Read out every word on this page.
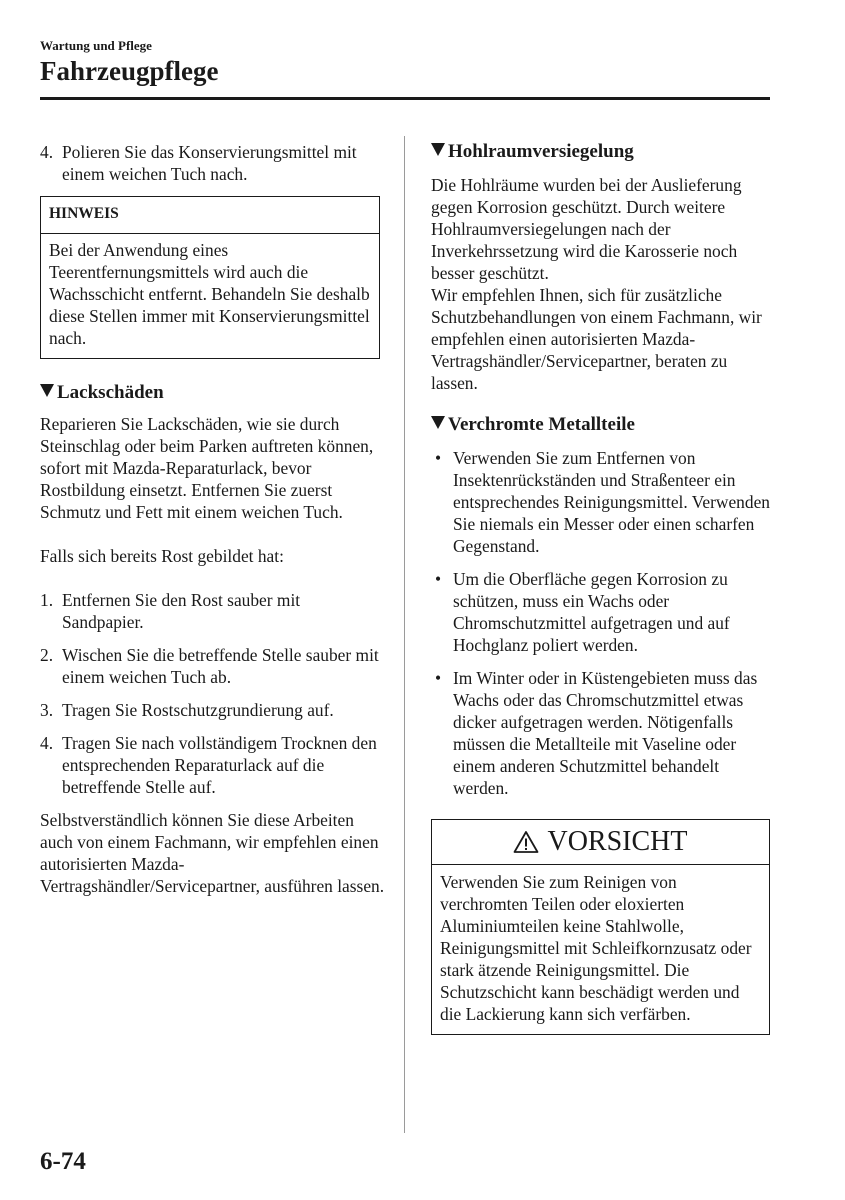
Wartung und Pflege
Fahrzeugpflege
4. Polieren Sie das Konservierungsmittel mit einem weichen Tuch nach.
HINWEIS
Bei der Anwendung eines Teerentfernungsmittels wird auch die Wachsschicht entfernt. Behandeln Sie deshalb diese Stellen immer mit Konservierungsmittel nach.
Lackschäden

Reparieren Sie Lackschäden, wie sie durch Steinschlag oder beim Parken auftreten können, sofort mit Mazda-Reparaturlack, bevor Rostbildung einsetzt. Entfernen Sie zuerst Schmutz und Fett mit einem weichen Tuch.

Falls sich bereits Rost gebildet hat:

1. Entfernen Sie den Rost sauber mit Sandpapier.
2. Wischen Sie die betreffende Stelle sauber mit einem weichen Tuch ab.
3. Tragen Sie Rostschutzgrundierung auf.
4. Tragen Sie nach vollständigem Trocknen den entsprechenden Reparaturlack auf die betreffende Stelle auf.

Selbstverständlich können Sie diese Arbeiten auch von einem Fachmann, wir empfehlen einen autorisierten Mazda-Vertragshändler/Servicepartner, ausführen lassen.

Hohlraumversiegelung

Die Hohlräume wurden bei der Auslieferung gegen Korrosion geschützt. Durch weitere Hohlraumversiegelungen nach der Inverkehrssetzung wird die Karosserie noch besser geschützt.

Wir empfehlen Ihnen, sich für zusätzliche Schutzbehandlungen von einem Fachmann, wir empfehlen einen autorisierten Mazda-Vertragshändler/Servicepartner, beraten zu lassen.

Verchromte Metallteile
• Verwenden Sie zum Entfernen von Insektenrückständen und Straßenteer ein entsprechendes Reinigungsmittel. Verwenden Sie niemals ein Messer oder einen scharfen Gegenstand.
• Um die Oberfläche gegen Korrosion zu schützen, muss ein Wachs oder Chromschutzmittel aufgetragen und auf Hochglanz poliert werden.
• Im Winter oder in Küstengebieten muss das Wachs oder das Chromschutzmittel etwas dicker aufgetragen werden. Nötigenfalls müssen die Metallteile mit Vaseline oder einem anderen Schutzmittel behandelt werden.
VORSICHT
Verwenden Sie zum Reinigen von verchromten Teilen oder eloxierten Aluminiumteilen keine Stahlwolle, Reinigungsmittel mit Schleifkornzusatz oder stark ätzende Reinigungsmittel. Die Schutzschicht kann beschädigt werden und die Lackierung kann sich verfärben.
6-74
